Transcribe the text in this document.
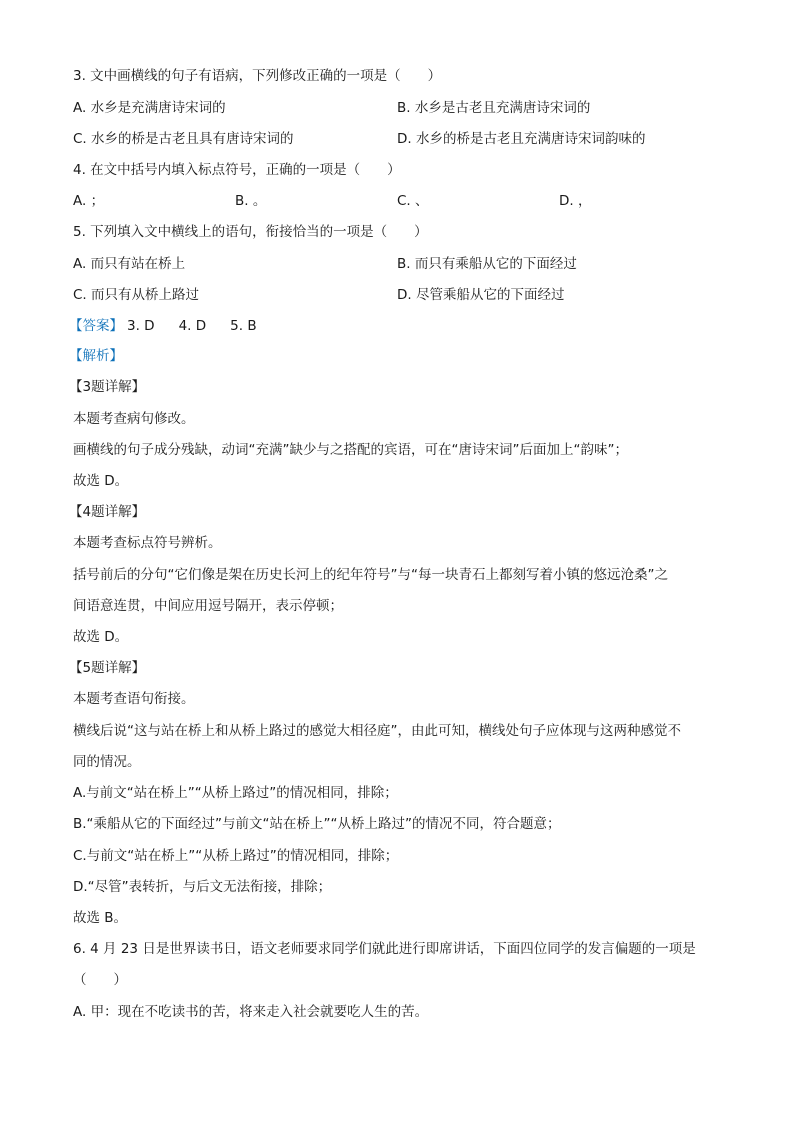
3. 文中画横线的句子有语病，下列修改正确的一项是（　　）
A. 水乡是充满唐诗宋词的	B. 水乡是古老且充满唐诗宋词的
C. 水乡的桥是古老且具有唐诗宋词的	D. 水乡的桥是古老且充满唐诗宋词韵味的
4. 在文中括号内填入标点符号，正确的一项是（　　）
A. ；	B. 。	C. 、	D. ，
5. 下列填入文中横线上的语句，衔接恰当的一项是（　　）
A. 而只有站在桥上	B. 而只有乘船从它的下面经过
C. 而只有从桥上路过	D. 尽管乘船从它的下面经过
【答案】 3. D 4. D 5. B
【解析】
【3题详解】
本题考查病句修改。
画横线的句子成分残缺，动词“充满”缺少与之搭配的宾语，可在“唐诗宋词”后面加上“韵味”；
故选 D。
【4题详解】
本题考查标点符号辨析。
括号前后的分句“它们像是架在历史长河上的纪年符号”与“每一块青石上都刻写着小镇的悠远沧桑”之
间语意连贯，中间应用逗号隔开，表示停顿；
故选 D。
【5题详解】
本题考查语句衔接。
横线后说“这与站在桥上和从桥上路过的感觉大相径庭”，由此可知，横线处句子应体现与这两种感觉不
同的情况。
A.与前文“站在桥上”“从桥上路过”的情况相同，排除；
B.“乘船从它的下面经过”与前文“站在桥上”“从桥上路过”的情况不同，符合题意；
C.与前文“站在桥上”“从桥上路过”的情况相同，排除；
D.“尽管”表转折，与后文无法衔接，排除；
故选 B。
6. 4 月 23 日是世界读书日，语文老师要求同学们就此进行即席讲话，下面四位同学的发言偏题的一项是
（　　）
A. 甲：现在不吃读书的苦，将来走入社会就要吃人生的苦。
